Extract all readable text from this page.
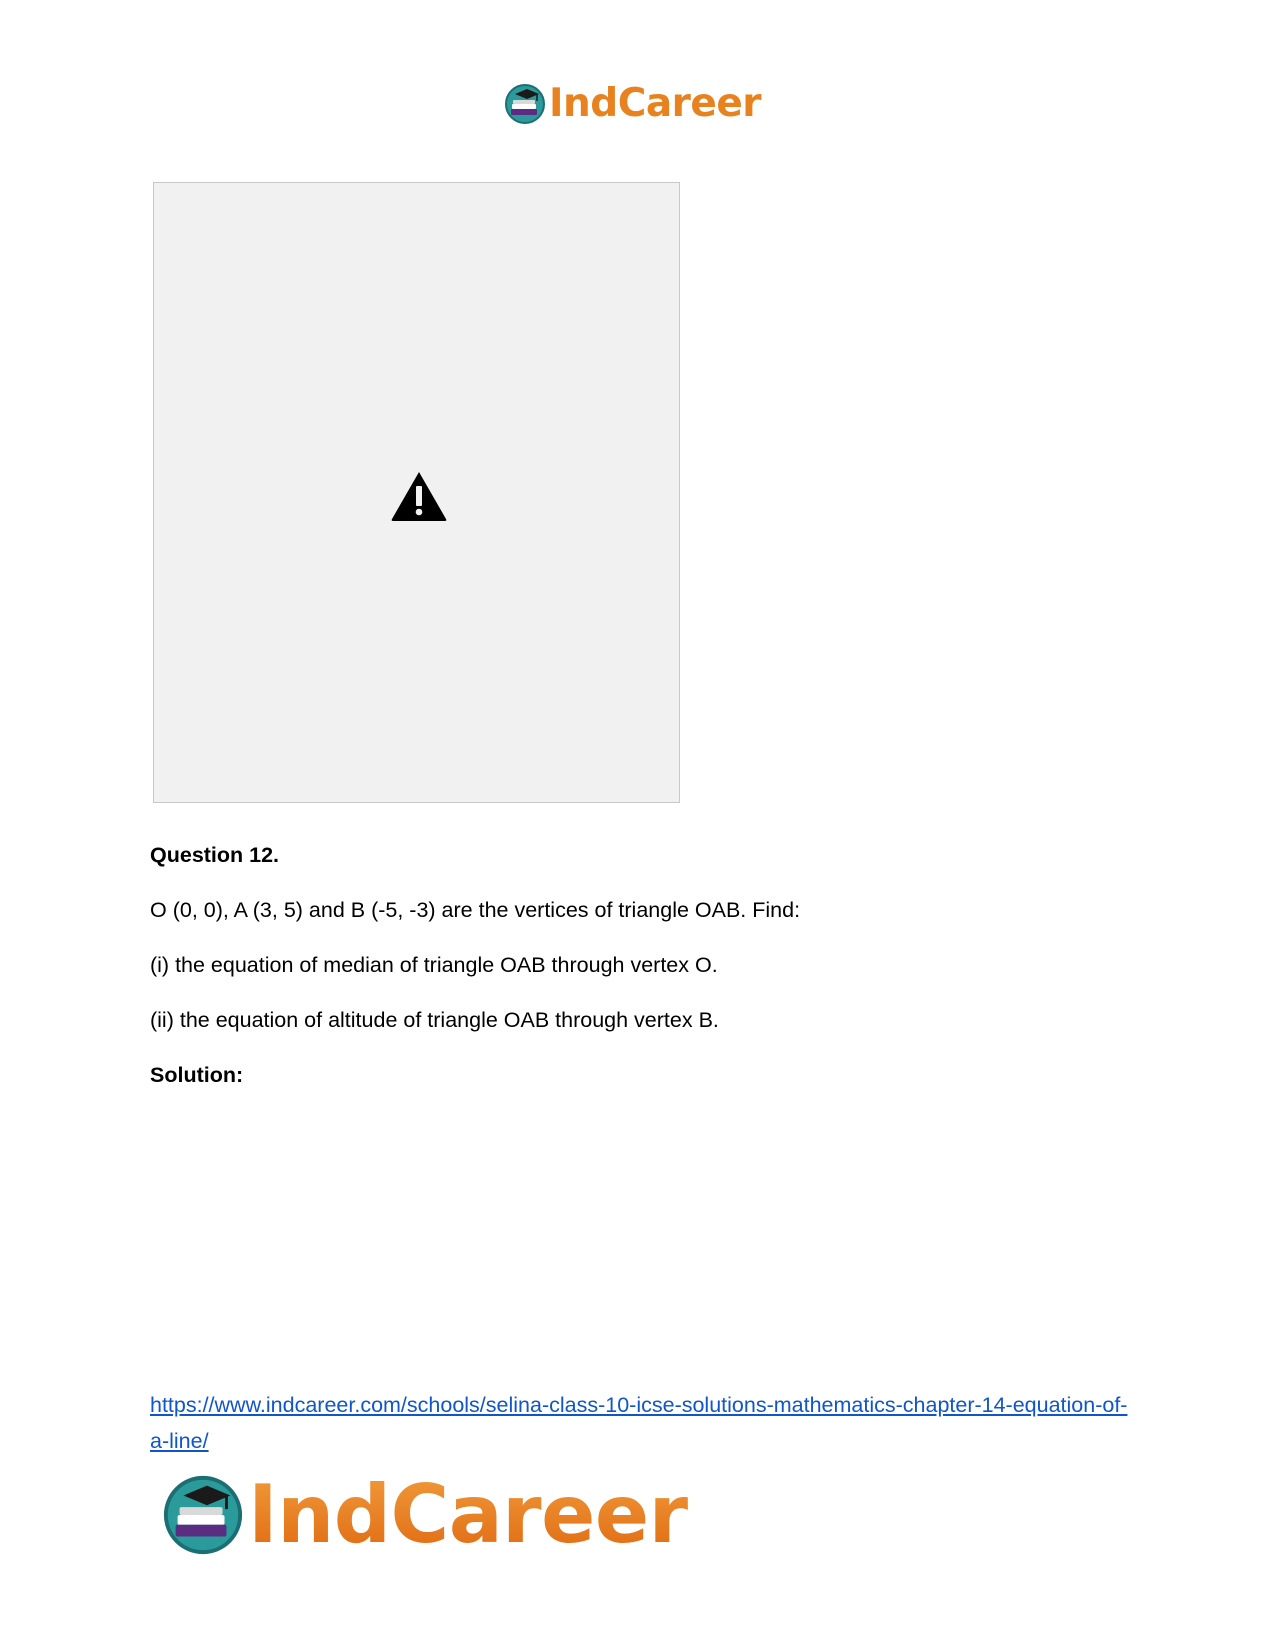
IndCareer
Question 12.
O (0, 0), A (3, 5) and B (-5, -3) are the vertices of triangle OAB. Find:
(i) the equation of median of triangle OAB through vertex O.
(ii) the equation of altitude of triangle OAB through vertex B.
Solution:
https://www.indcareer.com/schools/selina-class-10-icse-solutions-mathematics-chapter-14-equation-of-a-line/
IndCareer
